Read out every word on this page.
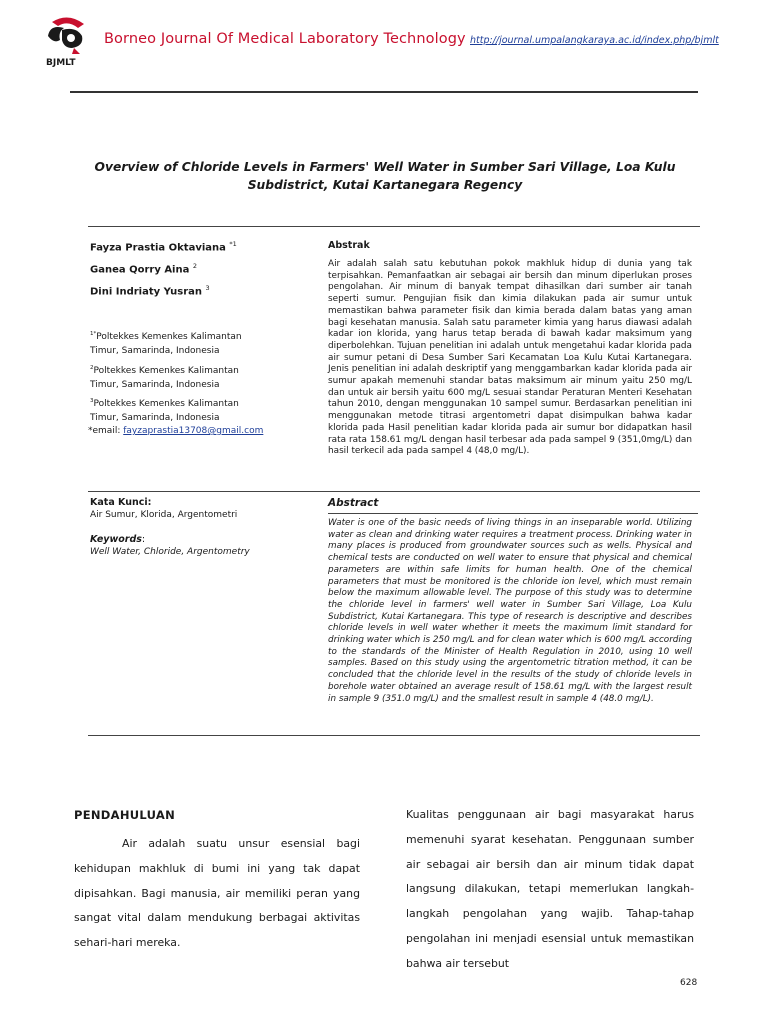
BJMLT
Borneo Journal Of Medical Laboratory Technology http://journal.umpalangkaraya.ac.id/index.php/bjmlt
Overview of Chloride Levels in Farmers' Well Water in Sumber Sari Village, Loa Kulu Subdistrict, Kutai Kartanegara Regency
Fayza Prastia Oktaviana $^{*1}$
Ganea Qorry Aina $^2$
Dini Indriaty Yusran $^3$
$^{1*}$Poltekkes Kemenkes Kalimantan Timur, Samarinda, Indonesia
$^2$Poltekkes Kemenkes Kalimantan Timur, Samarinda, Indonesia
$^3$Poltekkes Kemenkes Kalimantan Timur, Samarinda, Indonesia
*email: fayzaprastia13708@gmail.com
Abstrak
Air adalah salah satu kebutuhan pokok makhluk hidup di dunia yang tak terpisahkan. Pemanfaatkan air sebagai air bersih dan minum diperlukan proses pengolahan. Air minum di banyak tempat dihasilkan dari sumber air tanah seperti sumur. Pengujian fisik dan kimia dilakukan pada air sumur untuk memastikan bahwa parameter fisik dan kimia berada dalam batas yang aman bagi kesehatan manusia. Salah satu parameter kimia yang harus diawasi adalah kadar ion klorida, yang harus tetap berada di bawah kadar maksimum yang diperbolehkan. Tujuan penelitian ini adalah untuk mengetahui kadar klorida pada air sumur petani di Desa Sumber Sari Kecamatan Loa Kulu Kutai Kartanegara. Jenis penelitian ini adalah deskriptif yang menggambarkan kadar klorida pada air sumur apakah memenuhi standar batas maksimum air minum yaitu 250 mg/L dan untuk air bersih yaitu 600 mg/L sesuai standar Peraturan Menteri Kesehatan tahun 2010, dengan menggunakan 10 sampel sumur. Berdasarkan penelitian ini menggunakan metode titrasi argentometri dapat disimpulkan bahwa kadar klorida pada Hasil penelitian kadar klorida pada air sumur bor didapatkan hasil rata rata 158.61 mg/L dengan hasil terbesar ada pada sampel 9 (351,0mg/L) dan hasil terkecil ada pada sampel 4 (48,0 mg/L).
Kata Kunci:
Air Sumur, Klorida, Argentometri
Keywords:
Well Water, Chloride, Argentometry
Abstract
Water is one of the basic needs of living things in an inseparable world. Utilizing water as clean and drinking water requires a treatment process. Drinking water in many places is produced from groundwater sources such as wells. Physical and chemical tests are conducted on well water to ensure that physical and chemical parameters are within safe limits for human health. One of the chemical parameters that must be monitored is the chloride ion level, which must remain below the maximum allowable level. The purpose of this study was to determine the chloride level in farmers' well water in Sumber Sari Village, Loa Kulu Subdistrict, Kutai Kartanegara. This type of research is descriptive and describes chloride levels in well water whether it meets the maximum limit standard for drinking water which is 250 mg/L and for clean water which is 600 mg/L according to the standards of the Minister of Health Regulation in 2010, using 10 well samples. Based on this study using the argentometric titration method, it can be concluded that the chloride level in the results of the study of chloride levels in borehole water obtained an average result of 158.61 mg/L with the largest result in sample 9 (351.0 mg/L) and the smallest result in sample 4 (48.0 mg/L).
PENDAHULUAN
Air adalah suatu unsur esensial bagi kehidupan makhluk di bumi ini yang tak dapat dipisahkan. Bagi manusia, air memiliki peran yang sangat vital dalam mendukung berbagai aktivitas sehari-hari mereka.
Kualitas penggunaan air bagi masyarakat harus memenuhi syarat kesehatan. Penggunaan sumber air sebagai air bersih dan air minum tidak dapat langsung dilakukan, tetapi memerlukan langkah-langkah pengolahan yang wajib. Tahap-tahap pengolahan ini menjadi esensial untuk memastikan bahwa air tersebut
628
